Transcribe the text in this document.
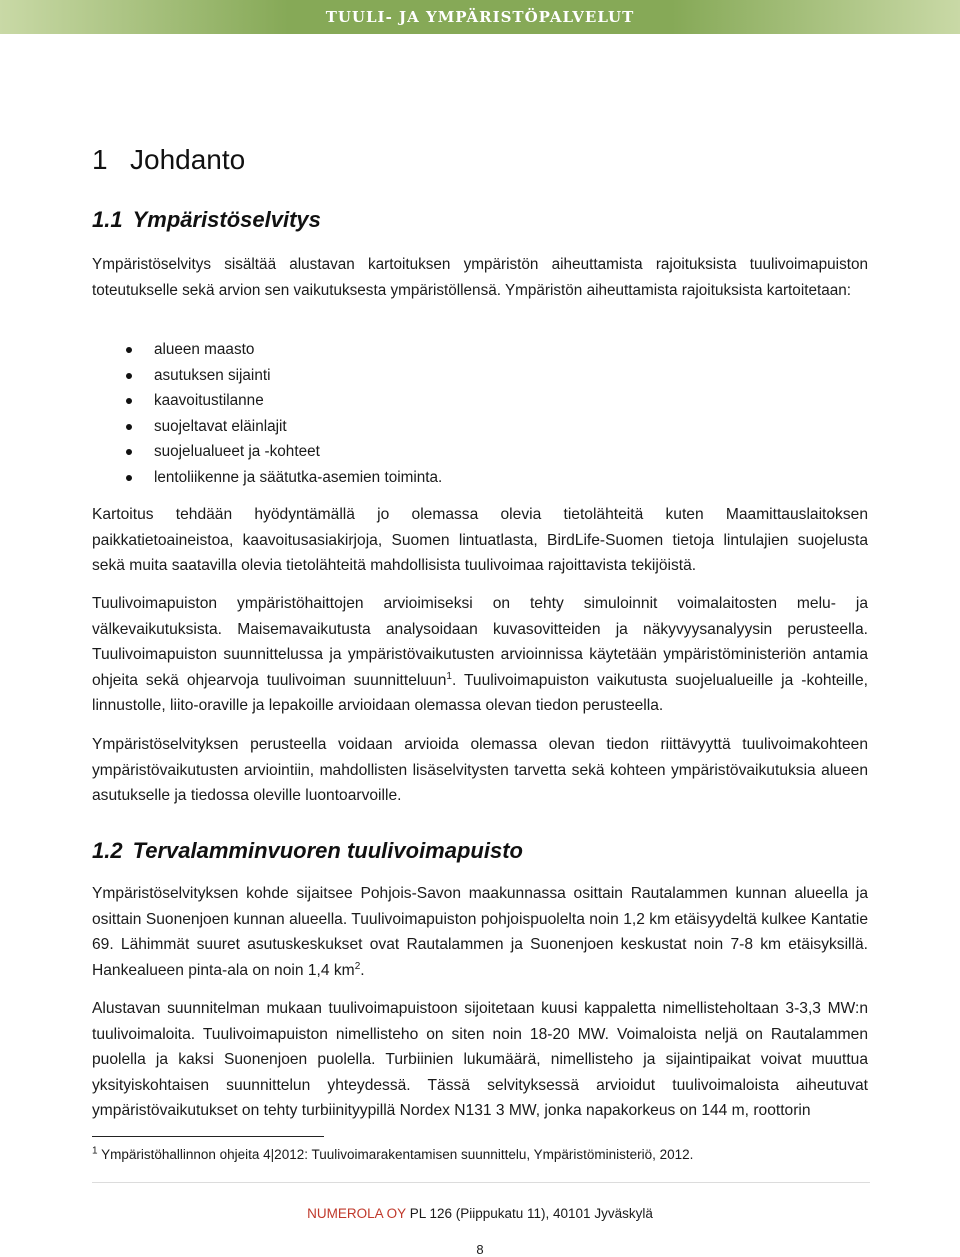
TUULI- JA YMPÄRISTÖPALVELUT
1 Johdanto
1.1 Ympäristöselvitys
Ympäristöselvitys sisältää alustavan kartoituksen ympäristön aiheuttamista rajoituksista tuulivoimapuiston toteutukselle sekä arvion sen vaikutuksesta ympäristöllensä. Ympäristön aiheuttamista rajoituksista kartoitetaan:
alueen maasto
asutuksen sijainti
kaavoitustilanne
suojeltavat eläinlajit
suojelualueet ja -kohteet
lentoliikenne ja säätutka-asemien toiminta.
Kartoitus tehdään hyödyntämällä jo olemassa olevia tietolähteitä kuten Maamittauslaitoksen paikkatietoaineistoa, kaavoitusasiakirjoja, Suomen lintuatlasta, BirdLife-Suomen tietoja lintulajien suojelusta sekä muita saatavilla olevia tietolähteitä mahdollisista tuulivoimaa rajoittavista tekijöistä.
Tuulivoimapuiston ympäristöhaittojen arvioimiseksi on tehty simuloinnit voimalaitosten melu- ja välkevaikutuksista. Maisemavaikutusta analysoidaan kuvasovitteiden ja näkyvyysanalyysin perusteella. Tuulivoimapuiston suunnittelussa ja ympäristövaikutusten arvioinnissa käytetään ympäristöministeriön antamia ohjeita sekä ohjearvoja tuulivoiman suunnitteluun$^1$. Tuulivoimapuiston vaikutusta suojelualueille ja -kohteille, linnustolle, liito-oraville ja lepakoille arvioidaan olemassa olevan tiedon perusteella.
Ympäristöselvityksen perusteella voidaan arvioida olemassa olevan tiedon riittävyyttä tuulivoimakohteen ympäristövaikutusten arviointiin, mahdollisten lisäselvitysten tarvetta sekä kohteen ympäristövaikutuksia alueen asutukselle ja tiedossa oleville luontoarvoille.
1.2 Tervalamminvuoren tuulivoimapuisto
Ympäristöselvityksen kohde sijaitsee Pohjois-Savon maakunnassa osittain Rautalammen kunnan alueella ja osittain Suonenjoen kunnan alueella. Tuulivoimapuiston pohjoispuolelta noin 1,2 km etäisyydeltä kulkee Kantatie 69. Lähimmät suuret asutuskeskukset ovat Rautalammen ja Suonenjoen keskustat noin 7-8 km etäisyksillä. Hankealueen pinta-ala on noin 1,4 $km^2$.
Alustavan suunnitelman mukaan tuulivoimapuistoon sijoitetaan kuusi kappaletta nimellisteholtaan 3-3,3 MW:n tuulivoimaloita. Tuulivoimapuiston nimellisteho on siten noin 18-20 MW. Voimaloista neljä on Rautalammen puolella ja kaksi Suonenjoen puolella. Turbiinien lukumäärä, nimellisteho ja sijaintipaikat voivat muuttua yksityiskohtaisen suunnittelun yhteydessä. Tässä selvityksessä arvioidut tuulivoimaloista aiheutuvat ympäristövaikutukset on tehty turbiinityypillä Nordex N131 3 MW, jonka napakorkeus on 144 m, roottorin
$^1$ Ympäristöhallinnon ohjeita 4|2012: Tuulivoimarakentamisen suunnittelu, Ympäristöministeriö, 2012.
NUMEROLA OY PL 126 (Piippukatu 11), 40101 Jyväskylä
8
